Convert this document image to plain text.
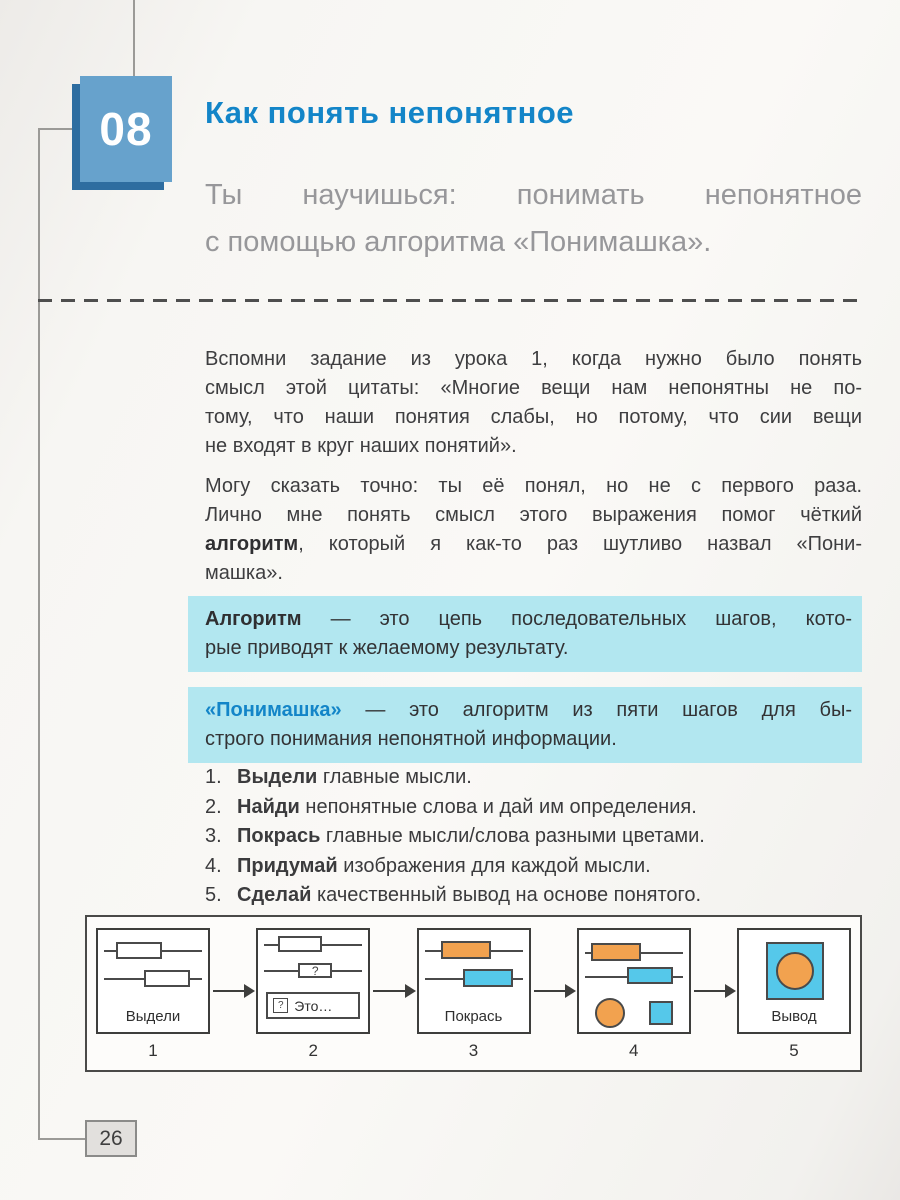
08 Как понять непонятное
Ты научишься: понимать непонятное
с помощью алгоритма «Понимашка».
Вспомни задание из урока 1, когда нужно было понять
смысл этой цитаты: «Многие вещи нам непонятны не по-
тому, что наши понятия слабы, но потому, что сии вещи
не входят в круг наших понятий».
Могу сказать точно: ты её понял, но не с первого раза.
Лично мне понять смысл этого выражения помог чёткий
алгоритм, который я как-то раз шутливо назвал «Пони-
машка».
Алгоритм — это цепь последовательных шагов, кото-
рые приводят к желаемому результату.
«Понимашка» — это алгоритм из пяти шагов для бы-
строго понимания непонятной информации.
1. Выдели главные мысли.
2. Найди непонятные слова и дай им определения.
3. Покрась главные мысли/слова разными цветами.
4. Придумай изображения для каждой мысли.
5. Сделай качественный вывод на основе понятого.
Выдели
1
?
? Это…
2
Покрась
3	4
Вывод
5
26
